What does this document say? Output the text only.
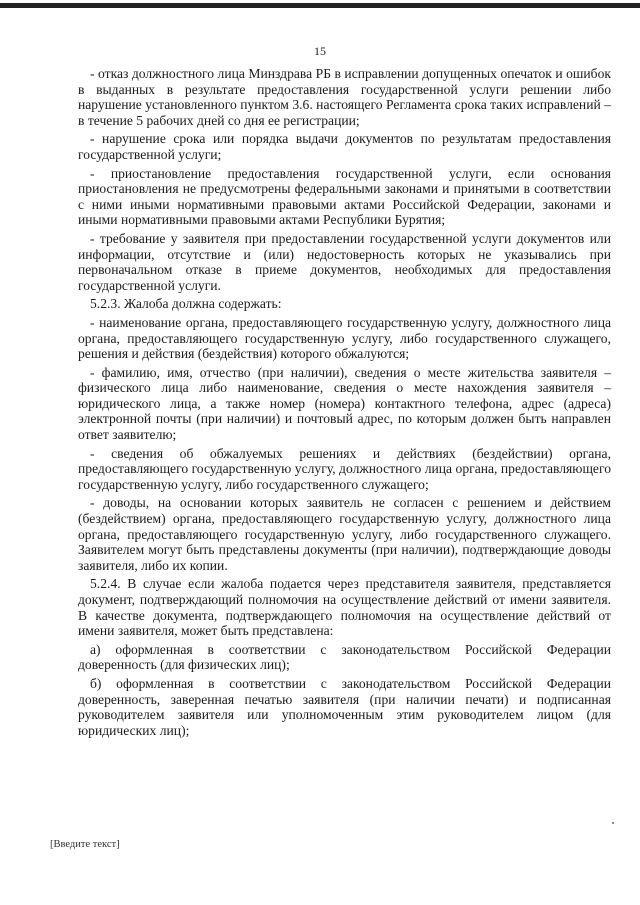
15

- отказ должностного лица Минздрава РБ в исправлении допущенных опечаток и ошибок в выданных в результате предоставления государственной услуги решении либо нарушение установленного пунктом 3.6. настоящего Регламента срока таких исправлений – в течение 5 рабочих дней со дня ее регистрации;

- нарушение срока или порядка выдачи документов по результатам предоставления государственной услуги;

- приостановление предоставления государственной услуги, если основания приостановления не предусмотрены федеральными законами и принятыми в соответствии с ними иными нормативными правовыми актами Российской Федерации, законами и иными нормативными правовыми актами Республики Бурятия;

- требование у заявителя при предоставлении государственной услуги документов или информации, отсутствие и (или) недостоверность которых не указывались при первоначальном отказе в приеме документов, необходимых для предоставления государственной услуги.

5.2.3. Жалоба должна содержать:

- наименование органа, предоставляющего государственную услугу, должностного лица органа, предоставляющего государственную услугу, либо государственного служащего, решения и действия (бездействия) которого обжалуются;

- фамилию, имя, отчество (при наличии), сведения о месте жительства заявителя – физического лица либо наименование, сведения о месте нахождения заявителя – юридического лица, а также номер (номера) контактного телефона, адрес (адреса) электронной почты (при наличии) и почтовый адрес, по которым должен быть направлен ответ заявителю;

- сведения об обжалуемых решениях и действиях (бездействии) органа, предоставляющего государственную услугу, должностного лица органа, предоставляющего государственную услугу, либо государственного служащего;

- доводы, на основании которых заявитель не согласен с решением и действием (бездействием) органа, предоставляющего государственную услугу, должностного лица органа, предоставляющего государственную услугу, либо государственного служащего. Заявителем могут быть представлены документы (при наличии), подтверждающие доводы заявителя, либо их копии.

5.2.4. В случае если жалоба подается через представителя заявителя, представляется документ, подтверждающий полномочия на осуществление действий от имени заявителя. В качестве документа, подтверждающего полномочия на осуществление действий от имени заявителя, может быть представлена:

а) оформленная в соответствии с законодательством Российской Федерации доверенность (для физических лиц);

б) оформленная в соответствии с законодательством Российской Федерации доверенность, заверенная печатью заявителя (при наличии печати) и подписанная руководителем заявителя или уполномоченным этим руководителем лицом (для юридических лиц);

[Введите текст]
